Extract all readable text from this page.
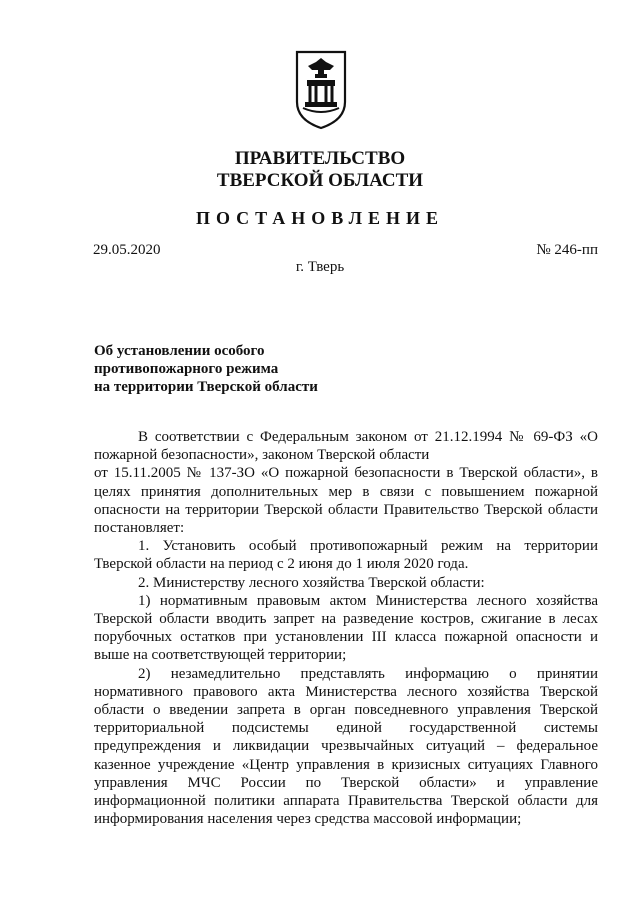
ПРАВИТЕЛЬСТВО
ТВЕРСКОЙ ОБЛАСТИ
ПОСТАНОВЛЕНИЕ
29.05.2020	№ 246-пп
г. Тверь
Об установлении особого
противопожарного режима
на территории Тверской области

В соответствии с Федеральным законом от 21.12.1994 № 69-ФЗ «О пожарной безопасности», законом Тверской области

от 15.11.2005 № 137-ЗО «О пожарной безопасности в Тверской области», в целях принятия дополнительных мер в связи с повышением пожарной опасности на территории Тверской области Правительство Тверской области постановляет:

1. Установить особый противопожарный режим на территории Тверской области на период с 2 июня до 1 июля 2020 года.

2. Министерству лесного хозяйства Тверской области:

1) нормативным правовым актом Министерства лесного хозяйства Тверской области вводить запрет на разведение костров, сжигание в лесах порубочных остатков при установлении III класса пожарной опасности и выше на соответствующей территории;

2) незамедлительно представлять информацию о принятии нормативного правового акта Министерства лесного хозяйства Тверской области о введении запрета в орган повседневного управления Тверской территориальной подсистемы единой государственной системы предупреждения и ликвидации чрезвычайных ситуаций – федеральное казенное учреждение «Центр управления в кризисных ситуациях Главного управления МЧС России по Тверской области» и управление информационной политики аппарата Правительства Тверской области для информирования населения через средства массовой информации;
